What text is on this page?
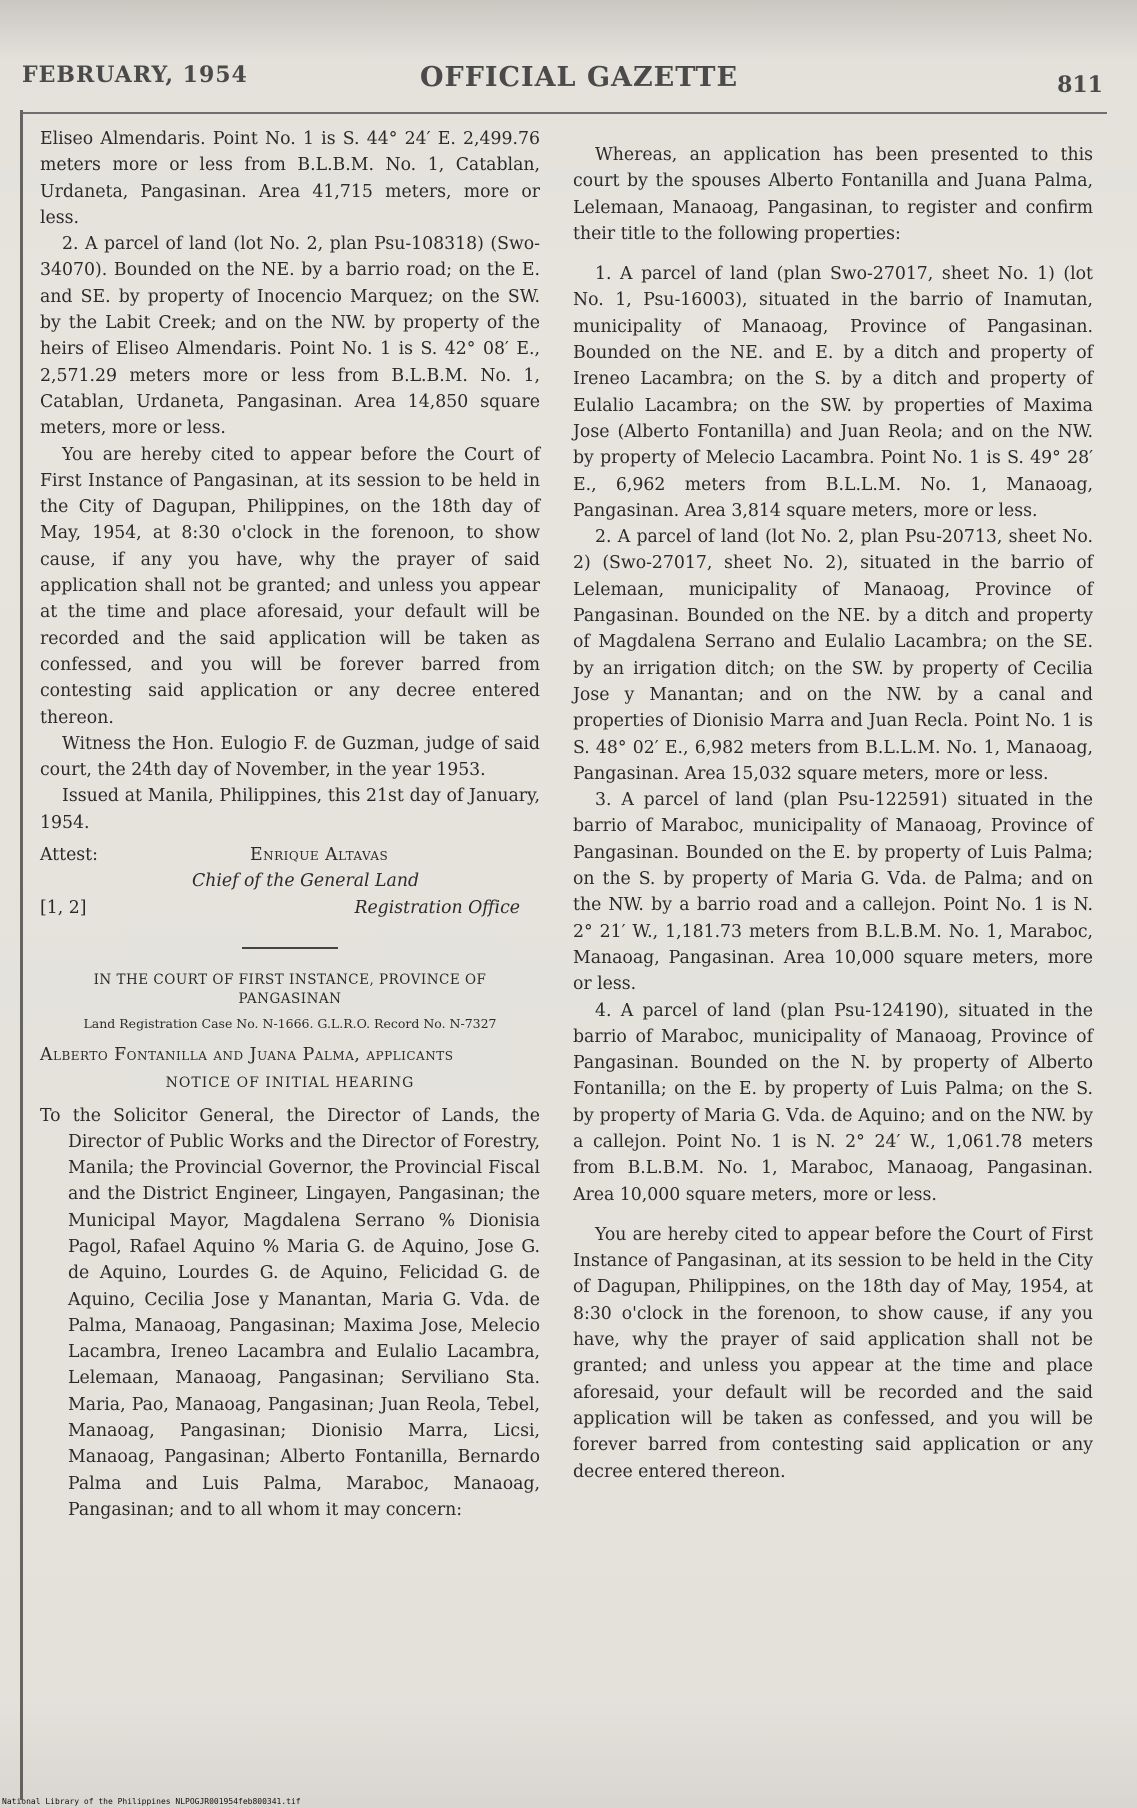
FEBRUARY, 1954	OFFICIAL GAZETTE	811

Eliseo Almendaris. Point No. 1 is S. 44° 24′ E. 2,499.76 meters more or less from B.L.B.M. No. 1, Catablan, Urdaneta, Pangasinan. Area 41,715 meters, more or less.

2. A parcel of land (lot No. 2, plan Psu-108318) (Swo-34070). Bounded on the NE. by a barrio road; on the E. and SE. by property of Inocencio Marquez; on the SW. by the Labit Creek; and on the NW. by property of the heirs of Eliseo Almendaris. Point No. 1 is S. 42° 08′ E., 2,571.29 meters more or less from B.L.B.M. No. 1, Catablan, Urdaneta, Pangasinan. Area 14,850 square meters, more or less.

You are hereby cited to appear before the Court of First Instance of Pangasinan, at its session to be held in the City of Dagupan, Philippines, on the 18th day of May, 1954, at 8:30 o'clock in the forenoon, to show cause, if any you have, why the prayer of said application shall not be granted; and unless you appear at the time and place aforesaid, your default will be recorded and the said application will be taken as confessed, and you will be forever barred from contesting said application or any decree entered thereon.

Witness the Hon. Eulogio F. de Guzman, judge of said court, the 24th day of November, in the year 1953.

Issued at Manila, Philippines, this 21st day of January, 1954.

Attest:	Enrique Altavas
Chief of the General Land
[1, 2]	Registration Office
IN THE COURT OF FIRST INSTANCE, PROVINCE OF PANGASINAN
Land Registration Case No. N-1666. G.L.R.O. Record No. N-7327
Alberto Fontanilla and Juana Palma, applicants
NOTICE OF INITIAL HEARING

To the Solicitor General, the Director of Lands, the Director of Public Works and the Director of Forestry, Manila; the Provincial Governor, the Provincial Fiscal and the District Engineer, Lingayen, Pangasinan; the Municipal Mayor, Magdalena Serrano % Dionisia Pagol, Rafael Aquino % Maria G. de Aquino, Jose G. de Aquino, Lourdes G. de Aquino, Felicidad G. de Aquino, Cecilia Jose y Manantan, Maria G. Vda. de Palma, Manaoag, Pangasinan; Maxima Jose, Melecio Lacambra, Ireneo Lacambra and Eulalio Lacambra, Lelemaan, Manaoag, Pangasinan; Serviliano Sta. Maria, Pao, Manaoag, Pangasinan; Juan Reola, Tebel, Manaoag, Pangasinan; Dionisio Marra, Licsi, Manaoag, Pangasinan; Alberto Fontanilla, Bernardo Palma and Luis Palma, Maraboc, Manaoag, Pangasinan; and to all whom it may concern:

Whereas, an application has been presented to this court by the spouses Alberto Fontanilla and Juana Palma, Lelemaan, Manaoag, Pangasinan, to register and confirm their title to the following properties:

1. A parcel of land (plan Swo-27017, sheet No. 1) (lot No. 1, Psu-16003), situated in the barrio of Inamutan, municipality of Manaoag, Province of Pangasinan. Bounded on the NE. and E. by a ditch and property of Ireneo Lacambra; on the S. by a ditch and property of Eulalio Lacambra; on the SW. by properties of Maxima Jose (Alberto Fontanilla) and Juan Reola; and on the NW. by property of Melecio Lacambra. Point No. 1 is S. 49° 28′ E., 6,962 meters from B.L.L.M. No. 1, Manaoag, Pangasinan. Area 3,814 square meters, more or less.

2. A parcel of land (lot No. 2, plan Psu-20713, sheet No. 2) (Swo-27017, sheet No. 2), situated in the barrio of Lelemaan, municipality of Manaoag, Province of Pangasinan. Bounded on the NE. by a ditch and property of Magdalena Serrano and Eulalio Lacambra; on the SE. by an irrigation ditch; on the SW. by property of Cecilia Jose y Manantan; and on the NW. by a canal and properties of Dionisio Marra and Juan Recla. Point No. 1 is S. 48° 02′ E., 6,982 meters from B.L.L.M. No. 1, Manaoag, Pangasinan. Area 15,032 square meters, more or less.

3. A parcel of land (plan Psu-122591) situated in the barrio of Maraboc, municipality of Manaoag, Province of Pangasinan. Bounded on the E. by property of Luis Palma; on the S. by property of Maria G. Vda. de Palma; and on the NW. by a barrio road and a callejon. Point No. 1 is N. 2° 21′ W., 1,181.73 meters from B.L.B.M. No. 1, Maraboc, Manaoag, Pangasinan. Area 10,000 square meters, more or less.

4. A parcel of land (plan Psu-124190), situated in the barrio of Maraboc, municipality of Manaoag, Province of Pangasinan. Bounded on the N. by property of Alberto Fontanilla; on the E. by property of Luis Palma; on the S. by property of Maria G. Vda. de Aquino; and on the NW. by a callejon. Point No. 1 is N. 2° 24′ W., 1,061.78 meters from B.L.B.M. No. 1, Maraboc, Manaoag, Pangasinan. Area 10,000 square meters, more or less.

You are hereby cited to appear before the Court of First Instance of Pangasinan, at its session to be held in the City of Dagupan, Philippines, on the 18th day of May, 1954, at 8:30 o'clock in the forenoon, to show cause, if any you have, why the prayer of said application shall not be granted; and unless you appear at the time and place aforesaid, your default will be recorded and the said application will be taken as confessed, and you will be forever barred from contesting said application or any decree entered thereon.

National Library of the Philippines NLPOGJR001954feb800341.tif
